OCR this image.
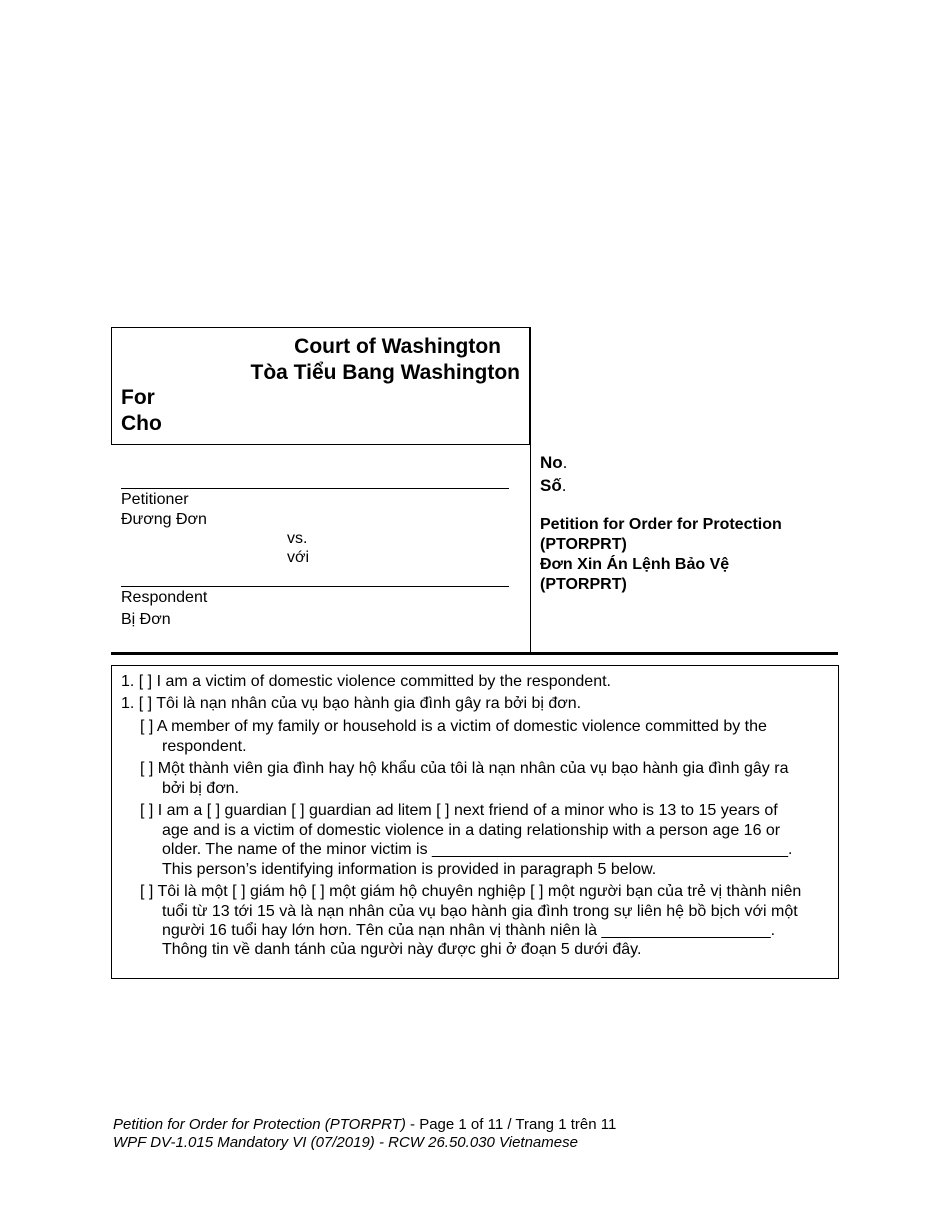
Court of Washington
Tòa Tiểu Bang Washington
For
Cho
Petitioner
Đương Đơn
vs.
với
Respondent
Bị Đơn
No.
Số.
Petition for Order for Protection
(PTORPRT)
Đơn Xin Án Lệnh Bảo Vệ
(PTORPRT)
1. [ ] I am a victim of domestic violence committed by the respondent.
1. [ ] Tôi là nạn nhân của vụ bạo hành gia đình gây ra bởi bị đơn.
[ ] A member of my family or household is a victim of domestic violence committed by the
respondent.
[ ] Một thành viên gia đình hay hộ khẩu của tôi là nạn nhân của vụ bạo hành gia đình gây ra
bởi bị đơn.
[ ] I am a [ ] guardian [ ] guardian ad litem [ ] next friend of a minor who is 13 to 15 years of
age and is a victim of domestic violence in a dating relationship with a person age 16 or
older. The name of the minor victim is ________________________________________.
This person’s identifying information is provided in paragraph 5 below.
[ ] Tôi là một [ ] giám hộ [ ] một giám hộ chuyên nghiệp [ ] một người bạn của trẻ vị thành niên
tuổi từ 13 tới 15 và là nạn nhân của vụ bạo hành gia đình trong sự liên hệ bồ bịch với một
người 16 tuổi hay lớn hơn. Tên của nạn nhân vị thành niên là ___________________.
Thông tin về danh tánh của người này được ghi ở đoạn 5 dưới đây.
Petition for Order for Protection (PTORPRT) - Page 1 of 11 / Trang 1 trên 11
WPF DV-1.015 Mandatory VI (07/2019) - RCW 26.50.030 Vietnamese
